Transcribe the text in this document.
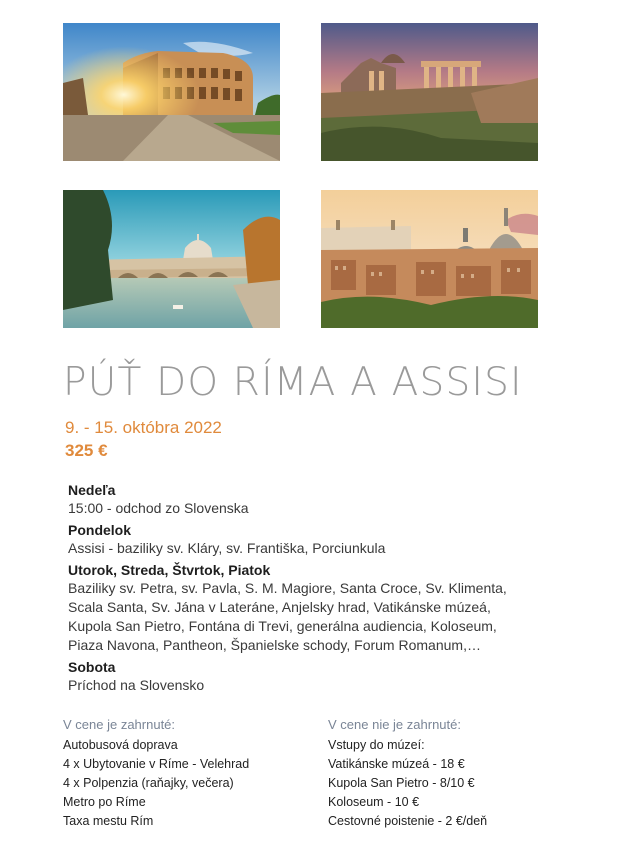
PÚŤ DO RÍMA A ASSISI
9. - 15. októbra 2022
325 €
Nedeľa
15:00 - odchod zo Slovenska
Pondelok
Assisi - baziliky sv. Kláry, sv. Františka, Porciunkula
Utorok, Streda, Štvrtok, Piatok
Baziliky sv. Petra, sv. Pavla, S. M. Magiore, Santa Croce, Sv. Klimenta,
Scala Santa, Sv. Jána v Lateráne, Anjelsky hrad, Vatikánske múzeá,
Kupola San Pietro, Fontána di Trevi, generálna audiencia, Koloseum,
Piaza Navona, Pantheon, Španielske schody, Forum Romanum,…
Sobota
Príchod na Slovensko
V cene je zahrnuté:
Autobusová doprava
4 x Ubytovanie v Ríme - Velehrad
4 x Polpenzia (raňajky, večera)
Metro po Ríme
Taxa mestu Rím
V cene nie je zahrnuté:
Vstupy do múzeí:
Vatikánske múzeá - 18 €
Kupola San Pietro - 8/10 €
Koloseum - 10 €
Cestovné poistenie - 2 €/deň
